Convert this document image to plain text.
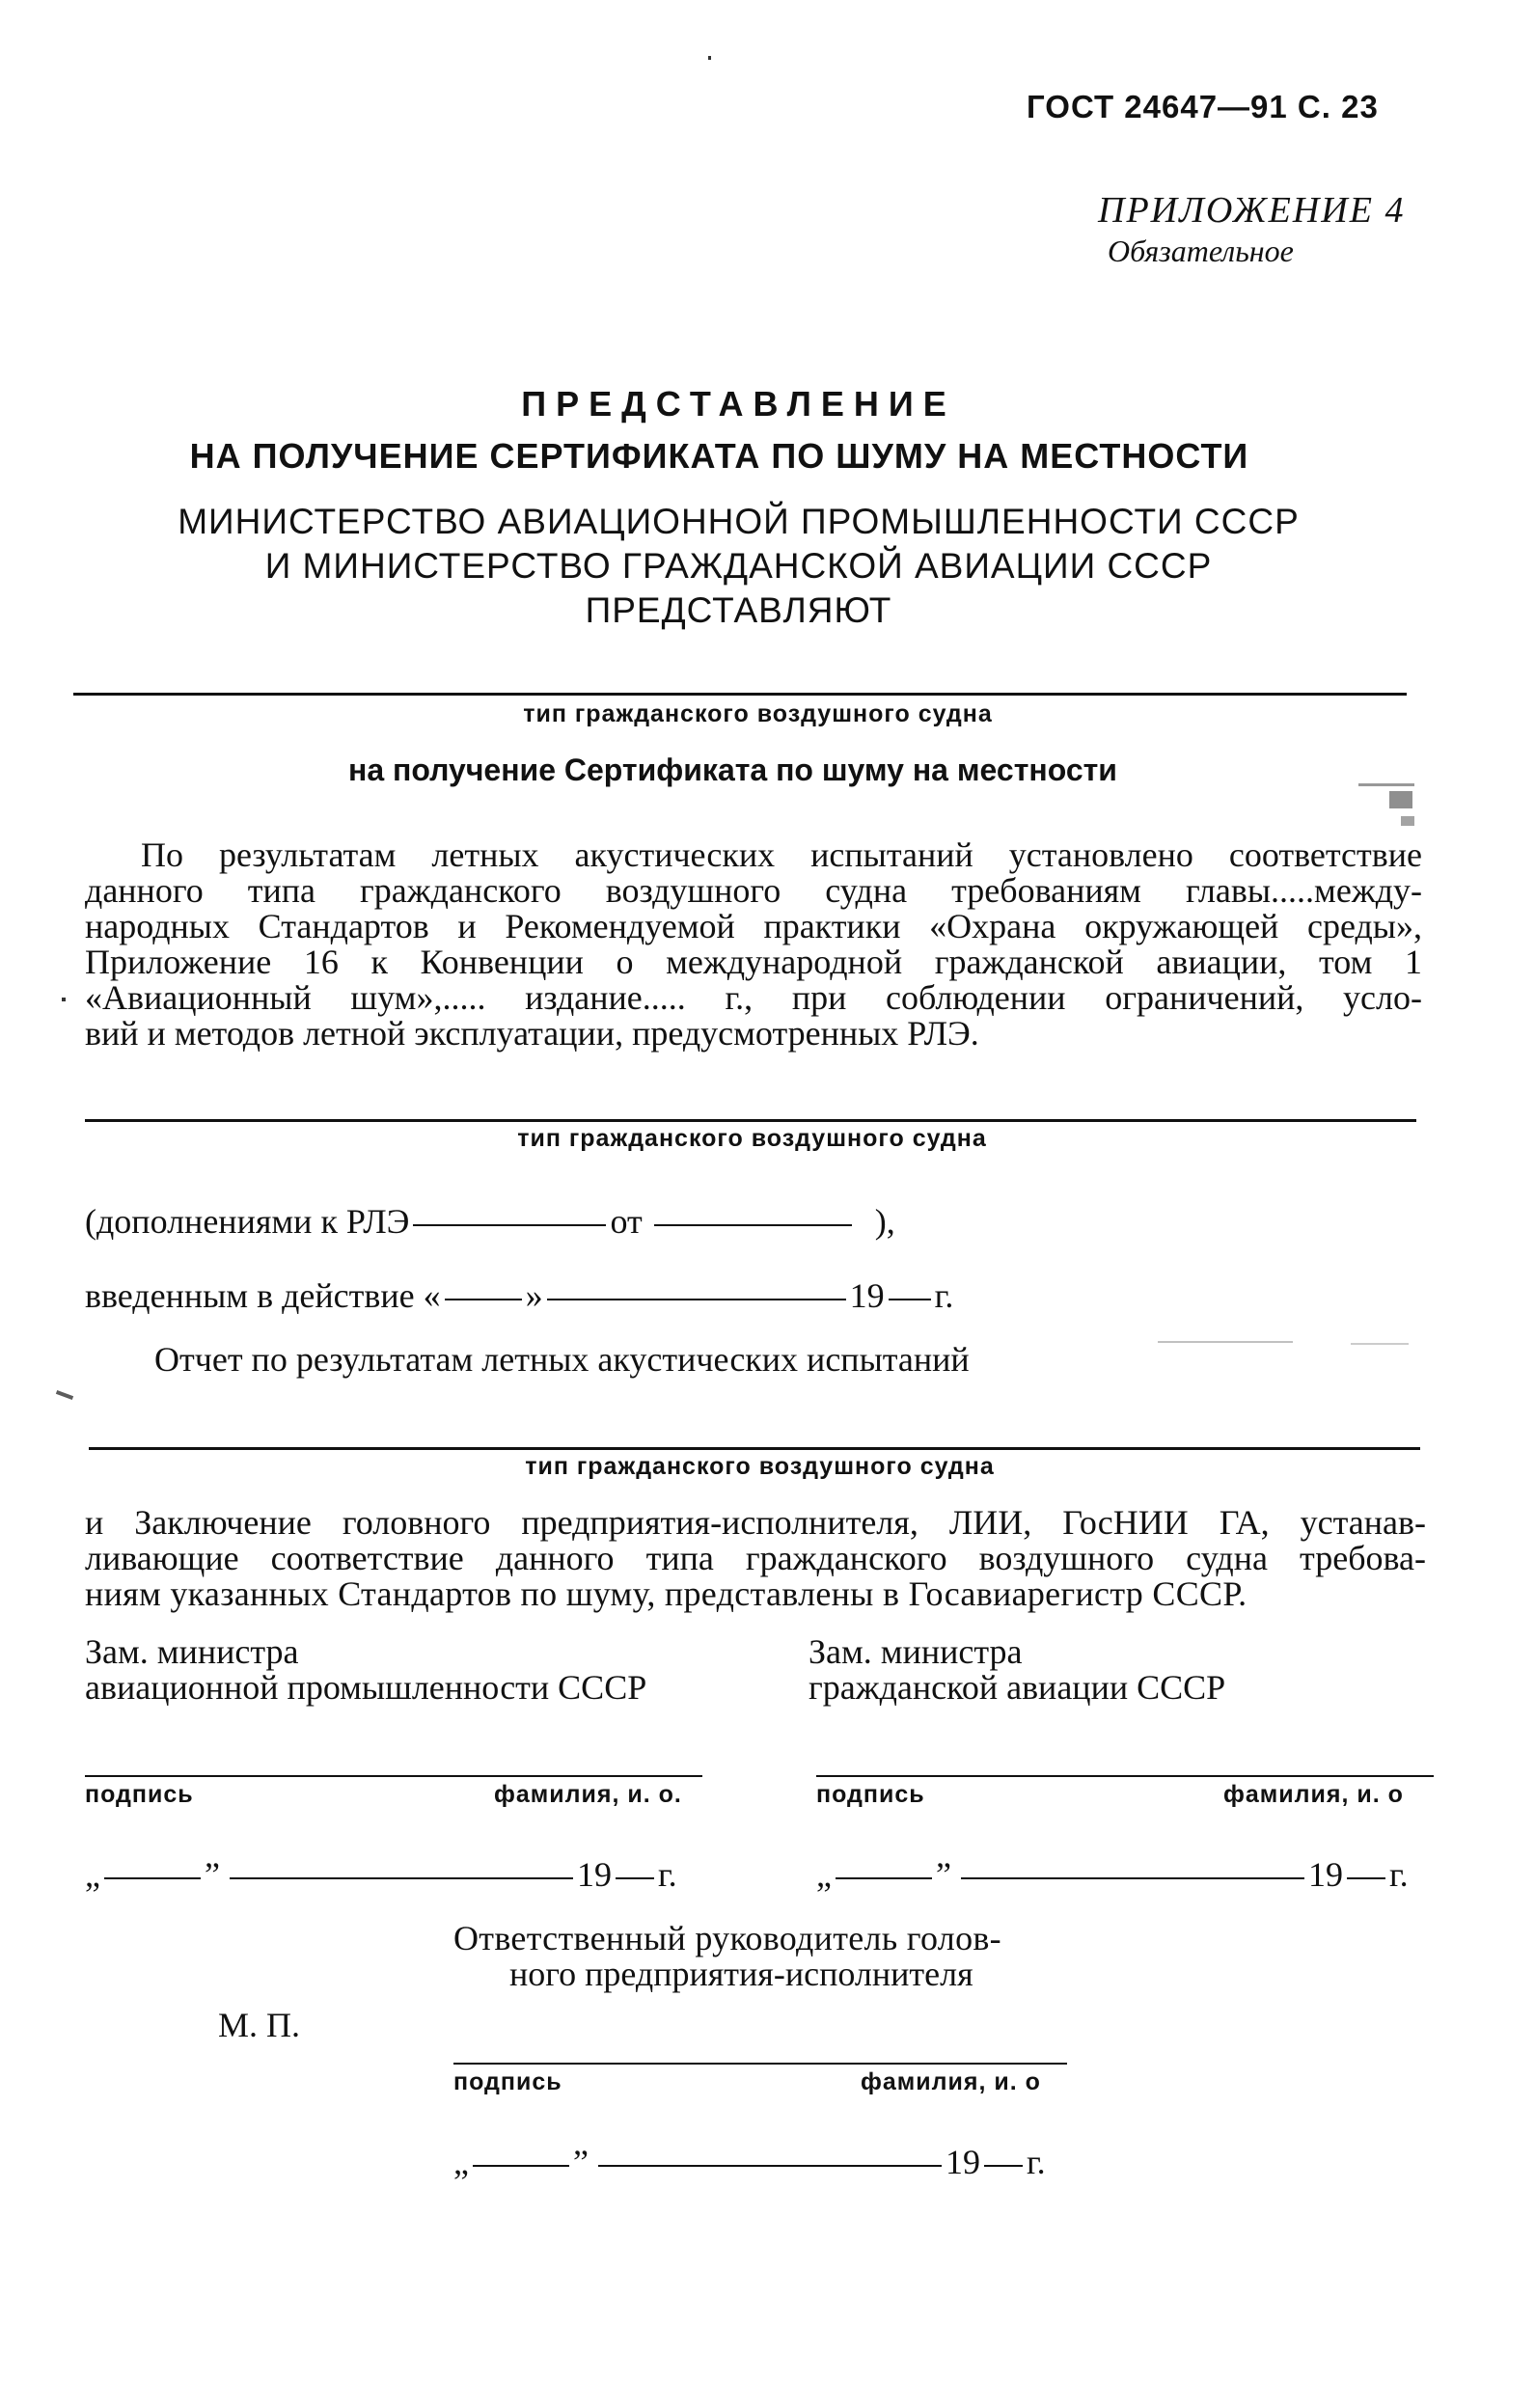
ГОСТ 24647—91 С. 23
ПРИЛОЖЕНИЕ 4
Обязательное
ПРЕДСТАВЛЕНИЕ
НА ПОЛУЧЕНИЕ СЕРТИФИКАТА ПО ШУМУ НА МЕСТНОСТИ
МИНИСТЕРСТВО АВИАЦИОННОЙ ПРОМЫШЛЕННОСТИ СССР
И МИНИСТЕРСТВО ГРАЖДАНСКОЙ АВИАЦИИ СССР
ПРЕДСТАВЛЯЮТ
тип гражданского воздушного судна
на получение Сертификата по шуму на местности
По результатам летных акустических испытаний установлено соответствие
данного типа гражданского воздушного судна требованиям главы.....между-
народных Стандартов и Рекомендуемой практики «Охрана окружающей среды»,
Приложение 16 к Конвенции о международной гражданской авиации, том 1
«Авиационный шум»,..... издание..... г., при соблюдении ограничений, усло-
вий и методов летной эксплуатации, предусмотренных РЛЭ.
тип гражданского воздушного судна
(дополнениями к РЛЭ	от	),
введенным в действие « »	19 г.
Отчет по результатам летных акустических испытаний
тип гражданского воздушного судна
и Заключение головного предприятия-исполнителя, ЛИИ, ГосНИИ ГА, устанав-
ливающие соответствие данного типа гражданского воздушного судна требова-
ниям указанных Стандартов по шуму, представлены в Госавиарегистр СССР.
Зам. министра
авиационной промышленности СССР
Зам. министра
гражданской авиации СССР
подпись	фамилия, и. о.	подпись	фамилия, и. о
„	”	19 г.	„	”	19 г.
Ответственный руководитель голов-
ного предприятия-исполнителя
М. П.
подпись	фамилия, и. о
„	”	19 г.
